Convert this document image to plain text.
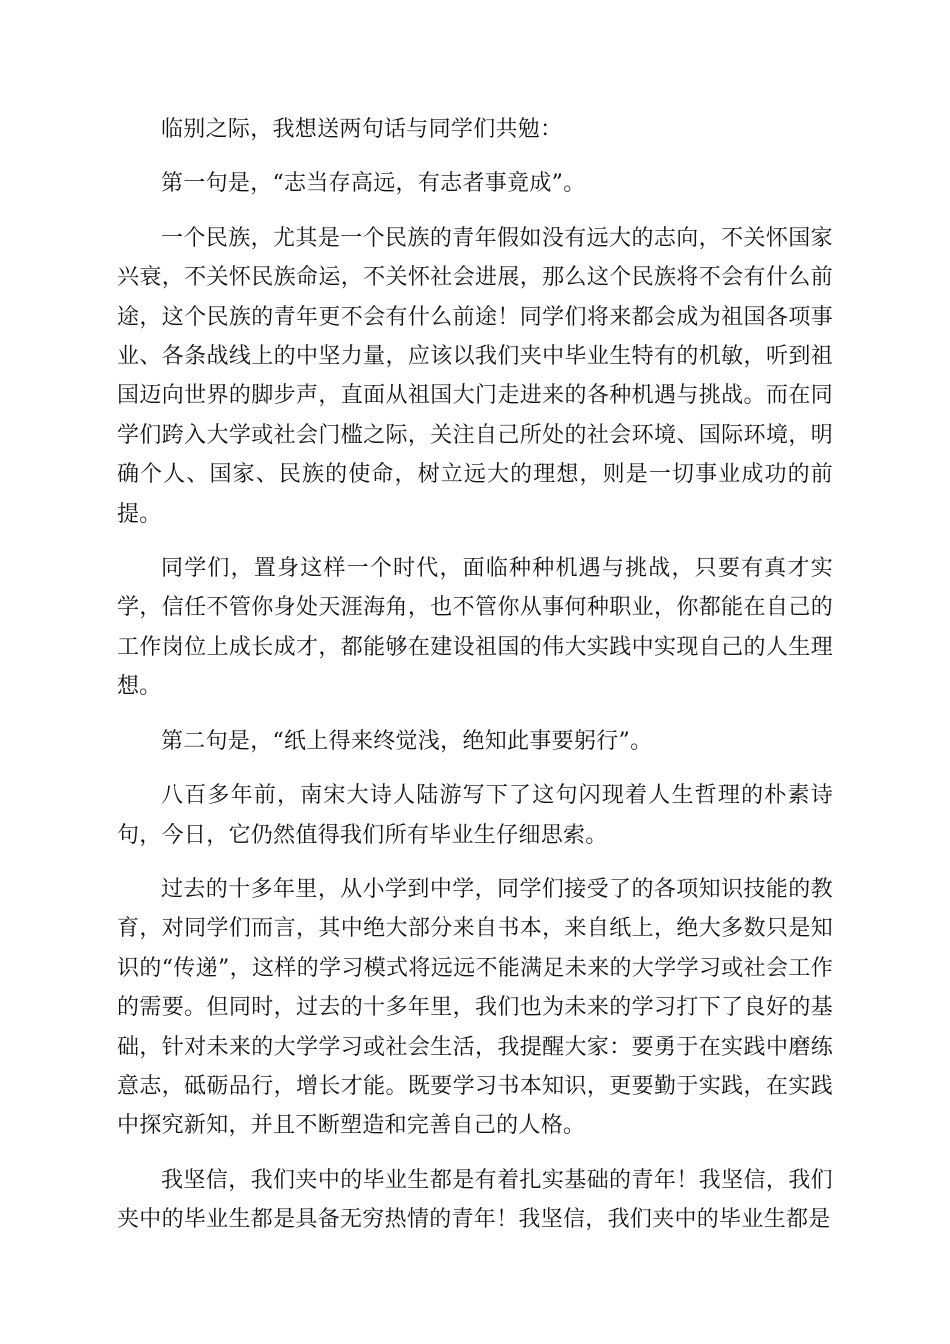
临别之际，我想送两句话与同学们共勉：

第一句是，“志当存高远，有志者事竟成”。

一个民族，尤其是一个民族的青年假如没有远大的志向，不关怀国家兴衰，不关怀民族命运，不关怀社会进展，那么这个民族将不会有什么前途，这个民族的青年更不会有什么前途！同学们将来都会成为祖国各项事业、各条战线上的中坚力量，应该以我们夹中毕业生特有的机敏，听到祖国迈向世界的脚步声，直面从祖国大门走进来的各种机遇与挑战。而在同学们跨入大学或社会门槛之际，关注自己所处的社会环境、国际环境，明确个人、国家、民族的使命，树立远大的理想，则是一切事业成功的前提。

同学们，置身这样一个时代，面临种种机遇与挑战，只要有真才实学，信任不管你身处天涯海角，也不管你从事何种职业，你都能在自己的工作岗位上成长成才，都能够在建设祖国的伟大实践中实现自己的人生理想。

第二句是，“纸上得来终觉浅，绝知此事要躬行”。

八百多年前，南宋大诗人陆游写下了这句闪现着人生哲理的朴素诗句，今日，它仍然值得我们所有毕业生仔细思索。

过去的十多年里，从小学到中学，同学们接受了的各项知识技能的教育，对同学们而言，其中绝大部分来自书本，来自纸上，绝大多数只是知识的“传递”，这样的学习模式将远远不能满足未来的大学学习或社会工作的需要。但同时，过去的十多年里，我们也为未来的学习打下了良好的基础，针对未来的大学学习或社会生活，我提醒大家：要勇于在实践中磨练意志，砥砺品行，增长才能。既要学习书本知识，更要勤于实践，在实践中探究新知，并且不断塑造和完善自己的人格。

我坚信，我们夹中的毕业生都是有着扎实基础的青年！我坚信，我们夹中的毕业生都是具备无穷热情的青年！我坚信，我们夹中的毕业生都是
